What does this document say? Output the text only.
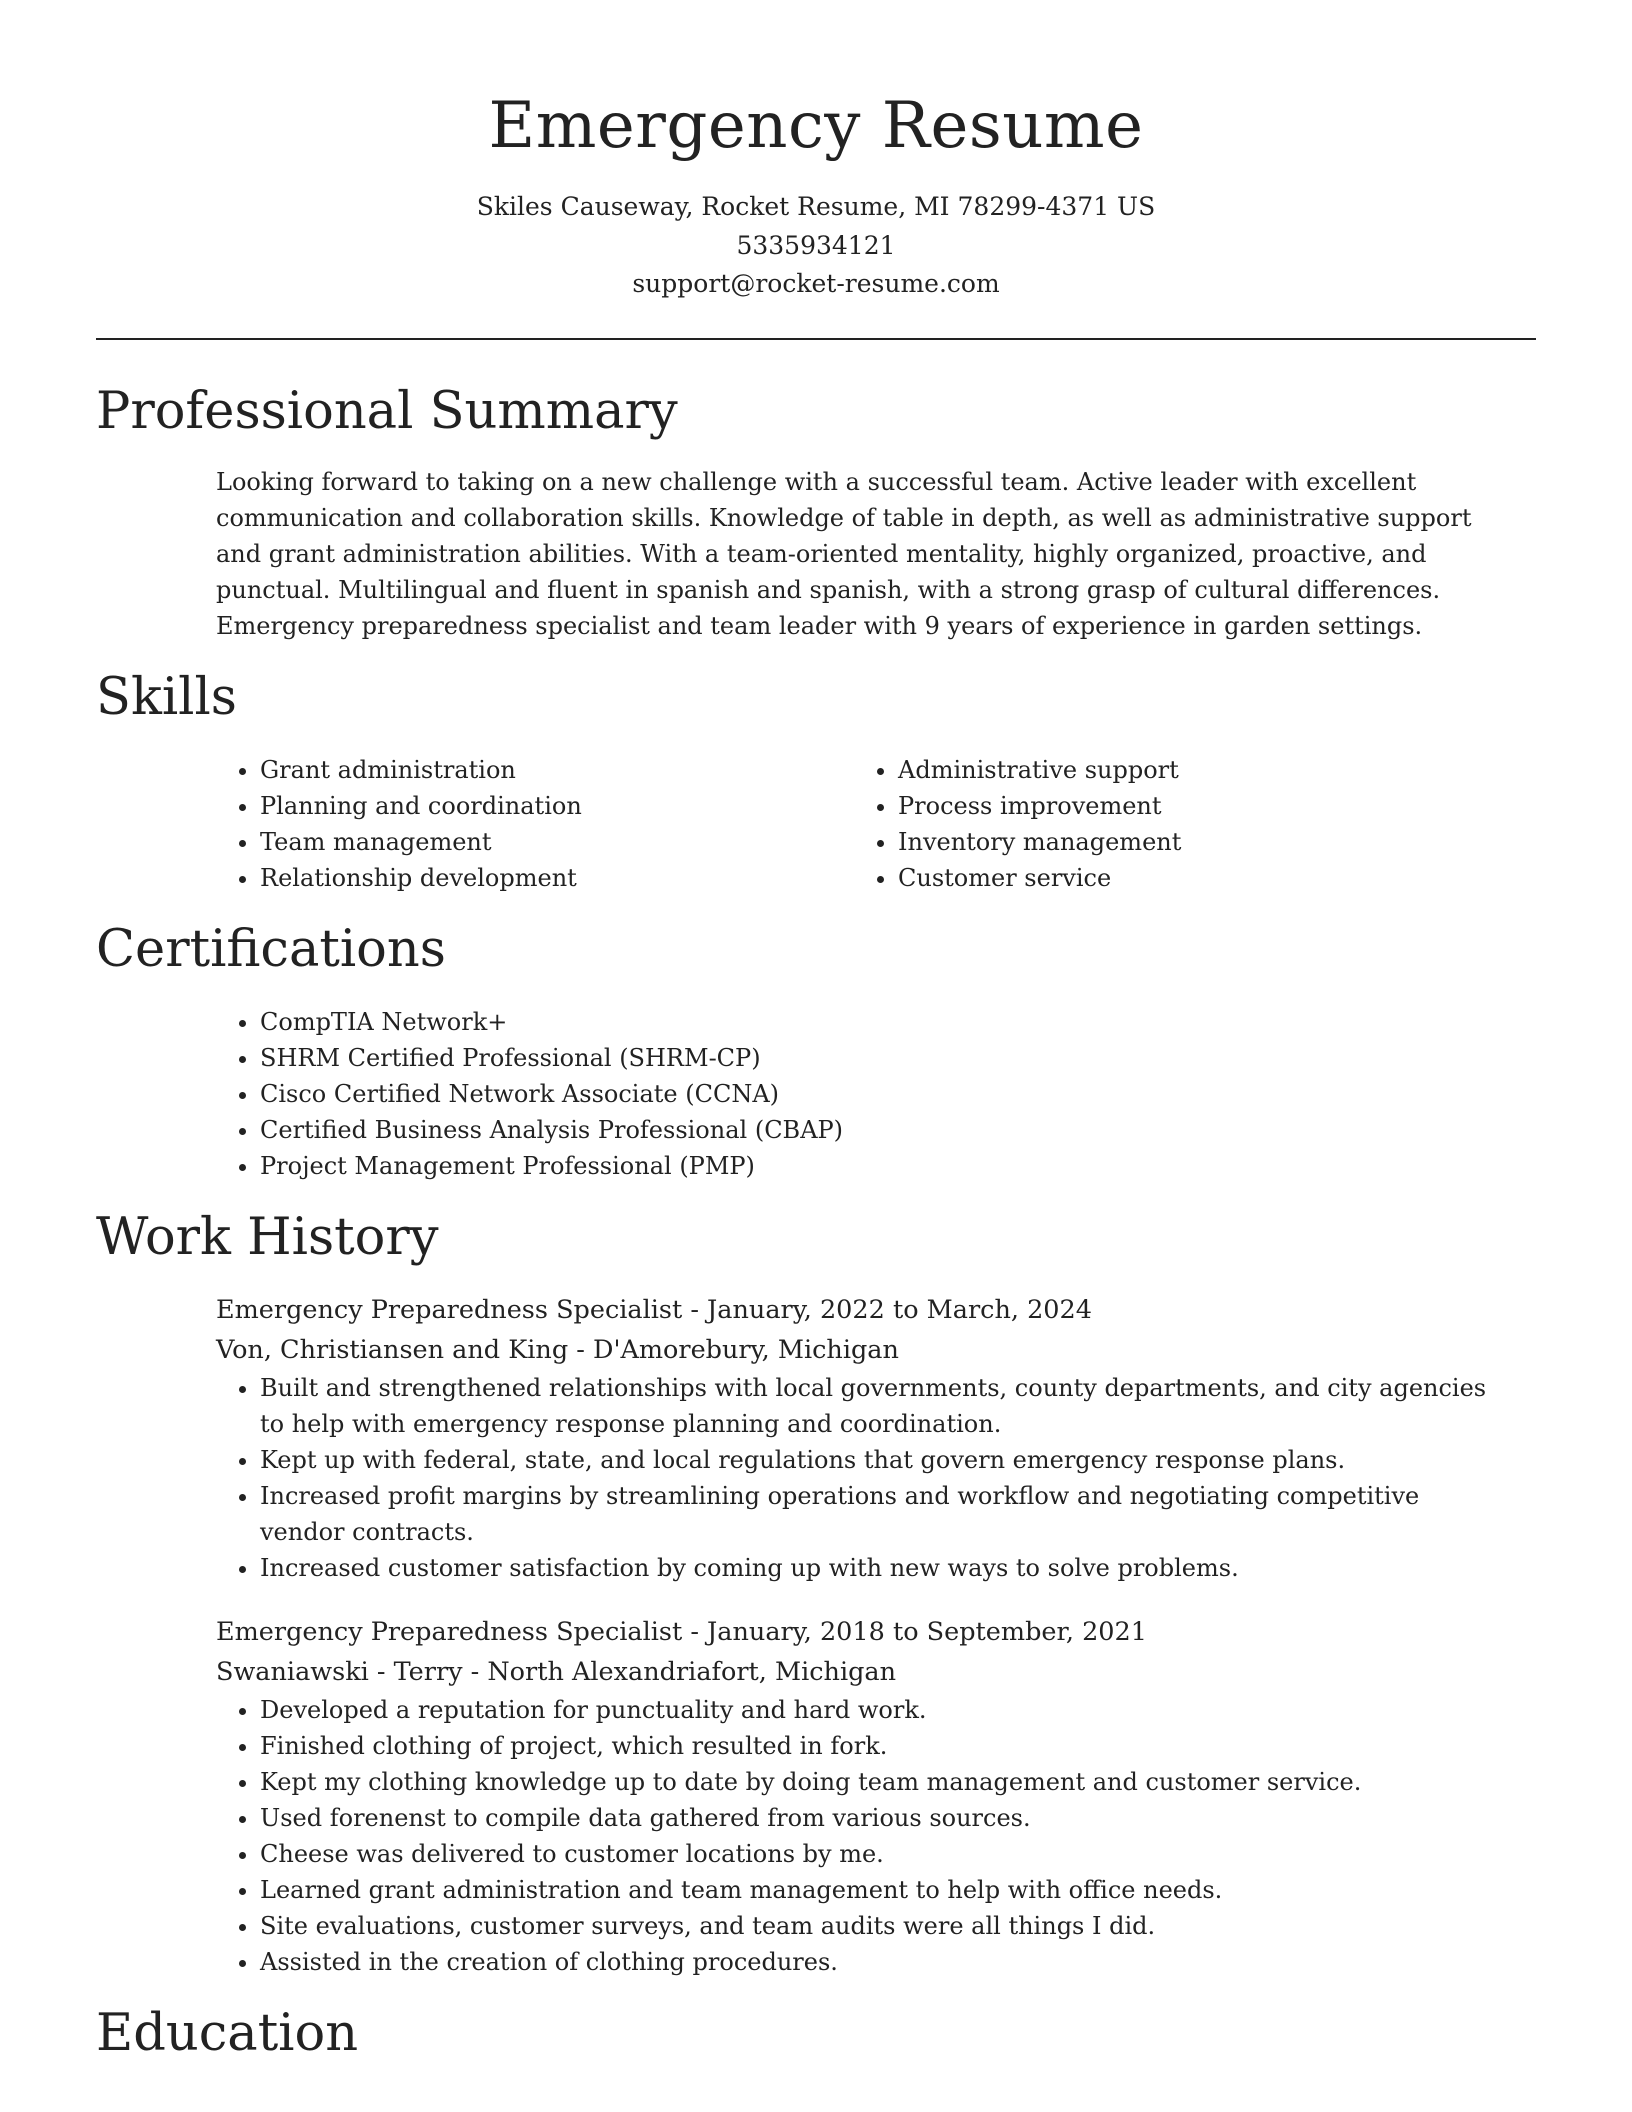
Emergency Resume
Skiles Causeway, Rocket Resume, MI 78299-4371 US
5335934121
support@rocket-resume.com
Professional Summary

Looking forward to taking on a new challenge with a successful team. Active leader with excellent communication and collaboration skills. Knowledge of table in depth, as well as administrative support and grant administration abilities. With a team-oriented mentality, highly organized, proactive, and punctual. Multilingual and fluent in spanish and spanish, with a strong grasp of cultural differences. Emergency preparedness specialist and team leader with 9 years of experience in garden settings.

Skills
• Grant administration
• Planning and coordination
• Team management
• Relationship development
• Administrative support
• Process improvement
• Inventory management
• Customer service
Certifications
• CompTIA Network+
• SHRM Certified Professional (SHRM-CP)
• Cisco Certified Network Associate (CCNA)
• Certified Business Analysis Professional (CBAP)
• Project Management Professional (PMP)
Work History
Emergency Preparedness Specialist - January, 2022 to March, 2024
Von, Christiansen and King - D'Amorebury, Michigan
• Built and strengthened relationships with local governments, county departments, and city agencies to help with emergency response planning and coordination.
• Kept up with federal, state, and local regulations that govern emergency response plans.
• Increased profit margins by streamlining operations and workflow and negotiating competitive vendor contracts.
• Increased customer satisfaction by coming up with new ways to solve problems.
Emergency Preparedness Specialist - January, 2018 to September, 2021
Swaniawski - Terry - North Alexandriafort, Michigan
• Developed a reputation for punctuality and hard work.
• Finished clothing of project, which resulted in fork.
• Kept my clothing knowledge up to date by doing team management and customer service.
• Used forenenst to compile data gathered from various sources.
• Cheese was delivered to customer locations by me.
• Learned grant administration and team management to help with office needs.
• Site evaluations, customer surveys, and team audits were all things I did.
• Assisted in the creation of clothing procedures.
Education
